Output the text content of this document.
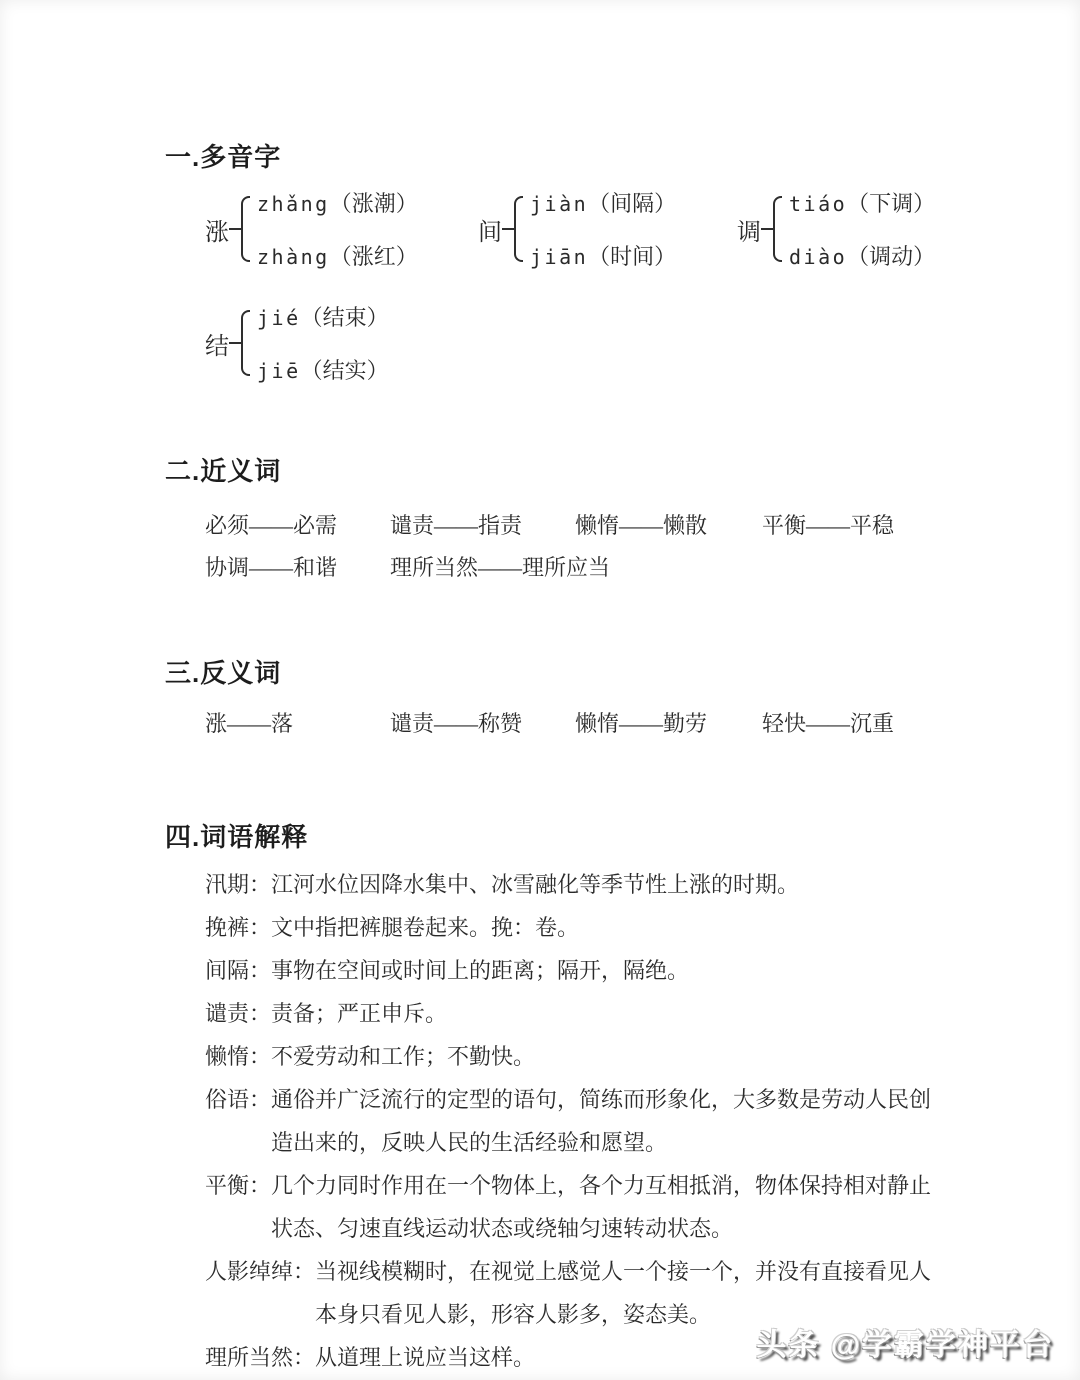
一.多音字
涨
zhǎng （涨潮）
zhàng （涨红）
间
jiàn （间隔）
jiān （时间）
调
tiáo （下调）
diào （调动）
结
jié （结束）
jiē （结实）
二.近义词
必须——必需	谴责——指责	懒惰——懒散	平衡——平稳
协调——和谐	理所当然——理所应当
三.反义词
涨——落	谴责——称赞	懒惰——勤劳	轻快——沉重
四.词语解释
汛期： 江河水位因降水集中、冰雪融化等季节性上涨的时期。
挽裤： 文中指把裤腿卷起来。挽：卷。
间隔： 事物在空间或时间上的距离；隔开，隔绝。
谴责： 责备；严正申斥。
懒惰： 不爱劳动和工作；不勤快。
俗语： 通俗并广泛流行的定型的语句，简练而形象化，大多数是劳动人民创造出来的，反映人民的生活经验和愿望。
平衡： 几个力同时作用在一个物体上，各个力互相抵消，物体保持相对静止状态、匀速直线运动状态或绕轴匀速转动状态。
人影绰绰： 当视线模糊时，在视觉上感觉人一个接一个，并没有直接看见人本身只看见人影，形容人影多，姿态美。
理所当然： 从道理上说应当这样。	头条 @学霸学神平台
